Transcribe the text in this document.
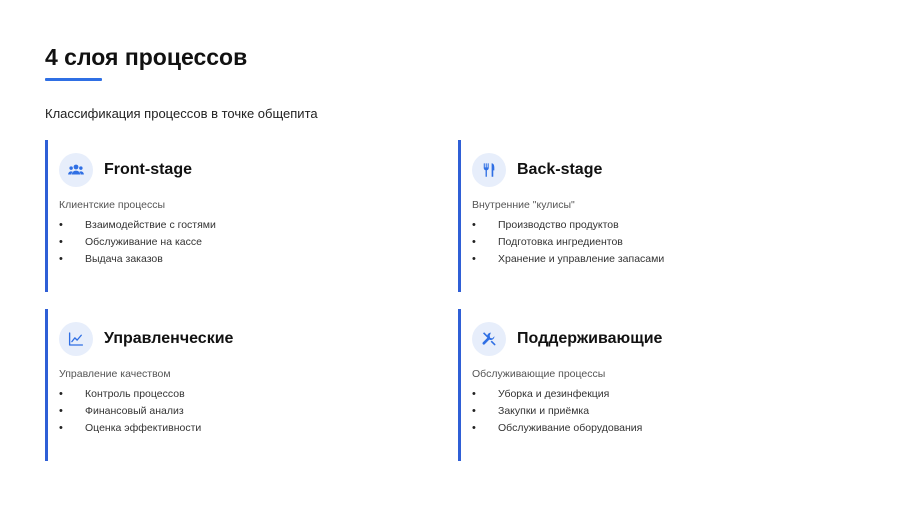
4 слоя процессов
Классификация процессов в точке общепита
Front-stage
Клиентские процессы
• Взаимодействие с гостями
• Обслуживание на кассе
• Выдача заказов
Back-stage
Внутренние "кулисы"
• Производство продуктов
• Подготовка ингредиентов
• Хранение и управление запасами
Управленческие
Управление качеством
• Контроль процессов
• Финансовый анализ
• Оценка эффективности
Поддерживающие
Обслуживающие процессы
• Уборка и дезинфекция
• Закупки и приёмка
• Обслуживание оборудования
